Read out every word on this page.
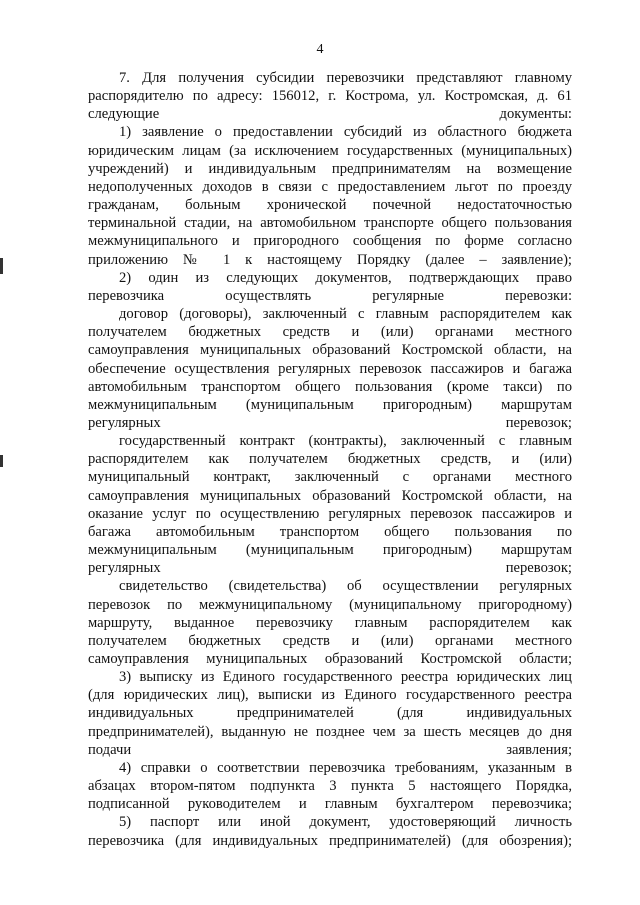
4

7. Для получения субсидии перевозчики представляют главному
распорядителю по адресу: 156012, г. Кострома, ул. Костромская, д. 61
следующие документы:

1) заявление о предоставлении субсидий из областного бюджета
юридическим лицам (за исключением государственных (муниципальных)
учреждений) и индивидуальным предпринимателям на возмещение
недополученных доходов в связи с предоставлением льгот по проезду
гражданам, больным хронической почечной недостаточностью
терминальной стадии, на автомобильном транспорте общего пользования
межмуниципального и пригородного сообщения по форме согласно
приложению № 1 к настоящему Порядку (далее – заявление);

2) один из следующих документов, подтверждающих право
перевозчика осуществлять регулярные перевозки:

договор (договоры), заключенный с главным распорядителем как
получателем бюджетных средств и (или) органами местного
самоуправления муниципальных образований Костромской области, на
обеспечение осуществления регулярных перевозок пассажиров и багажа
автомобильным транспортом общего пользования (кроме такси) по
межмуниципальным (муниципальным пригородным) маршрутам
регулярных перевозок;

государственный контракт (контракты), заключенный с главным
распорядителем как получателем бюджетных средств, и (или)
муниципальный контракт, заключенный с органами местного
самоуправления муниципальных образований Костромской области, на
оказание услуг по осуществлению регулярных перевозок пассажиров и
багажа автомобильным транспортом общего пользования по
межмуниципальным (муниципальным пригородным) маршрутам
регулярных перевозок;

свидетельство (свидетельства) об осуществлении регулярных
перевозок по межмуниципальному (муниципальному пригородному)
маршруту, выданное перевозчику главным распорядителем как
получателем бюджетных средств и (или) органами местного
самоуправления муниципальных образований Костромской области;

3) выписку из Единого государственного реестра юридических лиц
(для юридических лиц), выписки из Единого государственного реестра
индивидуальных предпринимателей (для индивидуальных
предпринимателей), выданную не позднее чем за шесть месяцев до дня
подачи заявления;

4) справки о соответствии перевозчика требованиям, указанным в
абзацах втором-пятом подпункта 3 пункта 5 настоящего Порядка,
подписанной руководителем и главным бухгалтером перевозчика;

5) паспорт или иной документ, удостоверяющий личность
перевозчика (для индивидуальных предпринимателей) (для обозрения);
